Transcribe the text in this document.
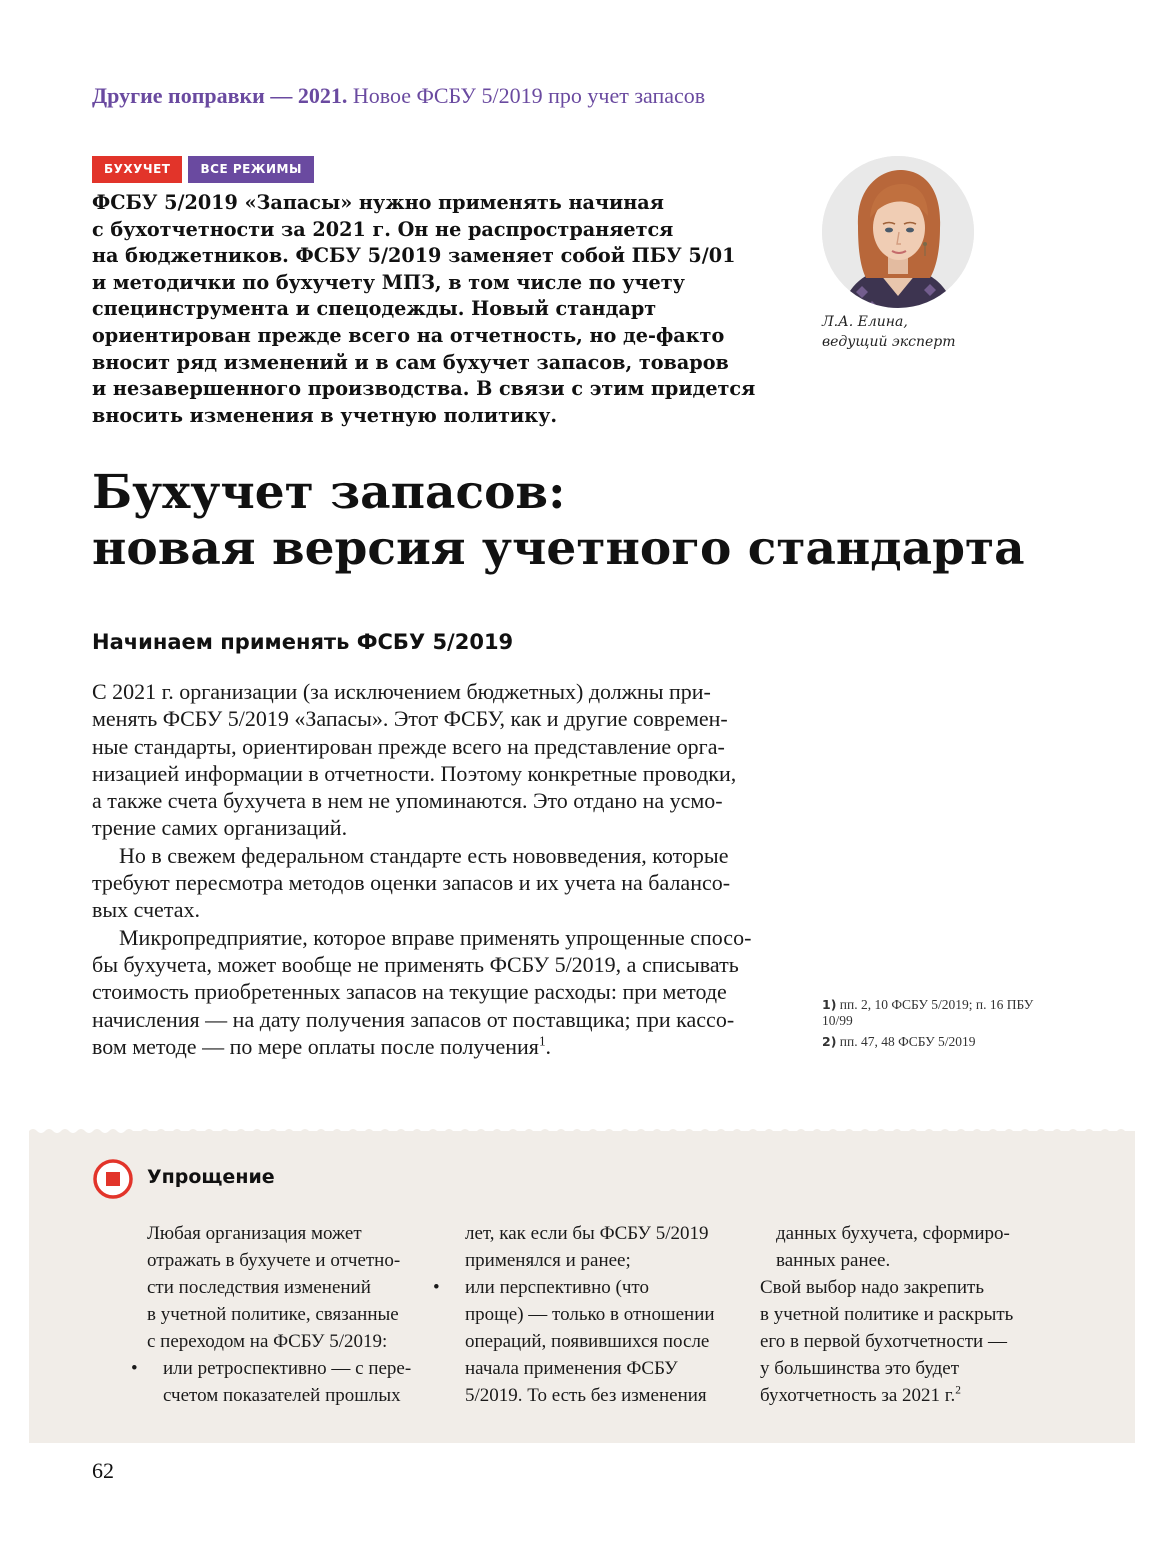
Другие поправки — 2021. Новое ФСБУ 5/2019 про учет запасов
БУХУЧЕТ	ВСЕ РЕЖИМЫ
ФСБУ 5/2019 «Запасы» нужно применять начиная
с бухотчетности за 2021 г. Он не распространяется
на бюджетников. ФСБУ 5/2019 заменяет собой ПБУ 5/01
и методички по бухучету МПЗ, в том числе по учету
специнструмента и спецодежды. Новый стандарт
ориентирован прежде всего на отчетность, но де-факто
вносит ряд изменений и в сам бухучет запасов, товаров
и незавершенного производства. В связи с этим придется
вносить изменения в учетную политику.
Л.А. Елина,
ведущий эксперт
Бухучет запасов:
новая версия учетного стандарта
Начинаем применять ФСБУ 5/2019
С 2021 г. организации (за исключением бюджетных) должны при-
менять ФСБУ 5/2019 «Запасы». Этот ФСБУ, как и другие современ-
ные стандарты, ориентирован прежде всего на представление орга-
низацией информации в отчетности. Поэтому конкретные проводки,
а также счета бухучета в нем не упоминаются. Это отдано на усмо-
трение самих организаций.
Но в свежем федеральном стандарте есть нововведения, которые
требуют пересмотра методов оценки запасов и их учета на балансо-
вых счетах.
Микропредприятие, которое вправе применять упрощенные спосо-
бы бухучета, может вообще не применять ФСБУ 5/2019, а списывать
стоимость приобретенных запасов на текущие расходы: при методе
начисления — на дату получения запасов от поставщика; при кассо-
вом методе — по мере оплаты после получения$^1$.
1) пп. 2, 10 ФСБУ 5/2019; п. 16 ПБУ 10/99
2) пп. 47, 48 ФСБУ 5/2019
Упрощение
Любая организация может
отражать в бухучете и отчетно-
сти последствия изменений
в учетной политике, связанные
с переходом на ФСБУ 5/2019:
• или ретроспективно — с пере-
счетом показателей прошлых
лет, как если бы ФСБУ 5/2019
применялся и ранее;
• или перспективно (что
проще) — только в отношении
операций, появившихся после
начала применения ФСБУ
5/2019. То есть без изменения
данных бухучета, сформиро-
ванных ранее.
Свой выбор надо закрепить
в учетной политике и раскрыть
его в первой бухотчетности —
у большинства это будет
бухотчетность за 2021 г.$^2$
62
